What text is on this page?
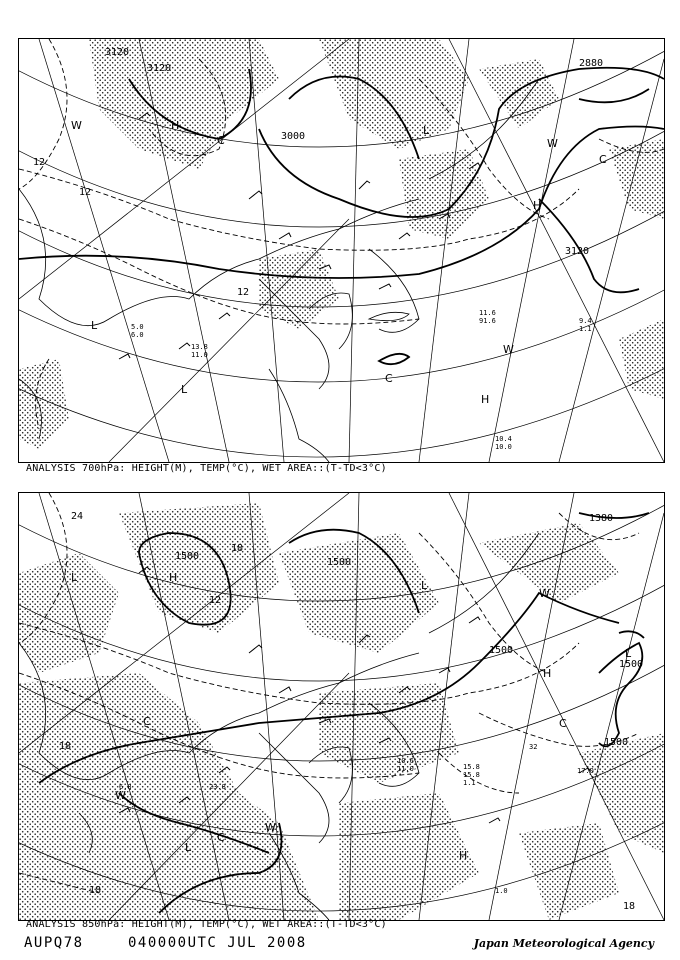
3120
3120
3000
2880
3120
12
12
12
H	L
H
L
C	W
C
W
C
H
L
W
11.6
91.6	9.4
1.1
10.4
10.0
13.8
11.0
5.0
6.0
ANALYSIS 700hPa: HEIGHT(M), TEMP(°C), WET AREA::(T-TD<3°C)
1500
1500
1500
1500
1500
24
18
18
18
18
12
1380
H
L
L
H
L
C
W
W
C
L
C
W
H
15.8
15.8
1.1
17.0
23.8
10.6
11.0
6.8
1.0
32
ANALYSIS 850hPa: HEIGHT(M), TEMP(°C), WET AREA::(T-TD<3°C)
AUPQ78	040000UTC JUL 2008	Japan Meteorological Agency
